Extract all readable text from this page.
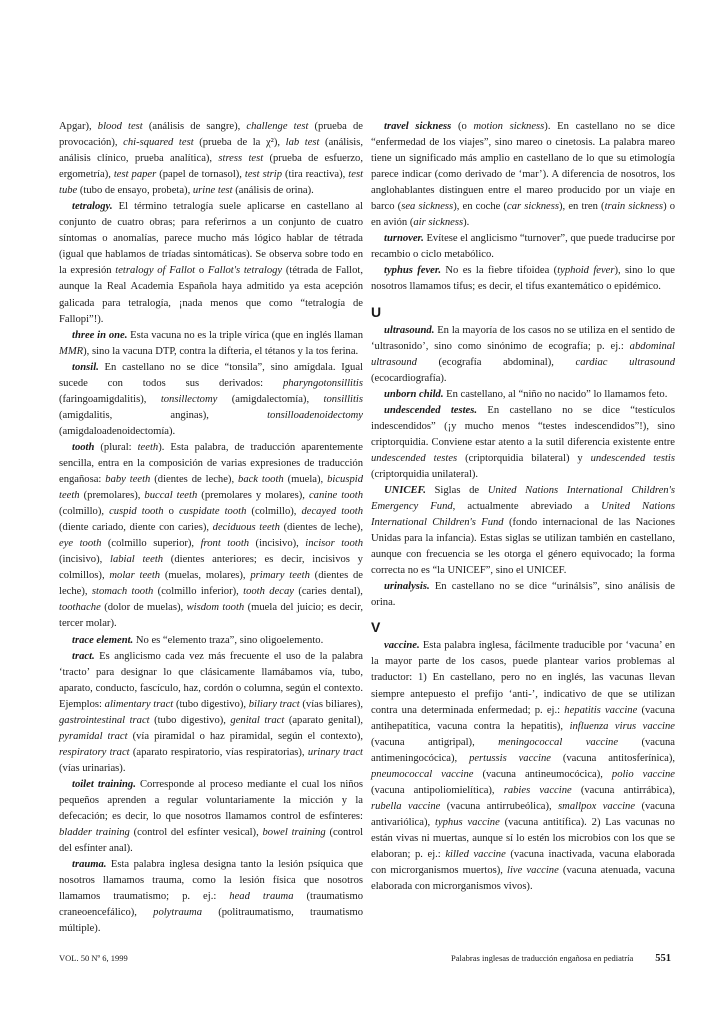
Apgar), blood test (análisis de sangre), challenge test (prueba de provocación), chi-squared test (prueba de la χ²), lab test (análisis, análisis clínico, prueba analítica), stress test (prueba de esfuerzo, ergometría), test paper (papel de tornasol), test strip (tira reactiva), test tube (tubo de ensayo, probeta), urine test (análisis de orina).

tetralogy. El término tetralogía suele aplicarse en castellano al conjunto de cuatro obras; para referirnos a un conjunto de cuatro síntomas o anomalías, parece mucho más lógico hablar de tétrada (igual que hablamos de tríadas sintomáticas). Se observa sobre todo en la expresión tetralogy of Fallot o Fallot's tetralogy (tétrada de Fallot, aunque la Real Academia Española haya admitido ya esta acepción galicada para tetralogía, ¡nada menos que como “tetralogía de Fallopi”!).

three in one. Esta vacuna no es la triple vírica (que en inglés llaman MMR), sino la vacuna DTP, contra la difteria, el tétanos y la tos ferina.

tonsil. En castellano no se dice “tonsila”, sino amígdala. Igual sucede con todos sus derivados: pharyngotonsillitis (faringoamigdalitis), tonsillectomy (amigdalectomía), tonsillitis (amigdalitis, anginas), tonsilloadenoidectomy (amigdaloadenoidectomía).

tooth (plural: teeth). Esta palabra, de traducción aparentemente sencilla, entra en la composición de varias expresiones de traducción engañosa: baby teeth (dientes de leche), back tooth (muela), bicuspid teeth (premolares), buccal teeth (premolares y molares), canine tooth (colmillo), cuspid tooth o cuspidate tooth (colmillo), decayed tooth (diente cariado, diente con caries), deciduous teeth (dientes de leche), eye tooth (colmillo superior), front tooth (incisivo), incisor tooth (incisivo), labial teeth (dientes anteriores; es decir, incisivos y colmillos), molar teeth (muelas, molares), primary teeth (dientes de leche), stomach tooth (colmillo inferior), tooth decay (caries dental), toothache (dolor de muelas), wisdom tooth (muela del juicio; es decir, tercer molar).

trace element. No es “elemento traza”, sino oligoelemento.

tract. Es anglicismo cada vez más frecuente el uso de la palabra ‘tracto’ para designar lo que clásicamente llamábamos vía, tubo, aparato, conducto, fascículo, haz, cordón o columna, según el contexto. Ejemplos: alimentary tract (tubo digestivo), biliary tract (vías biliares), gastrointestinal tract (tubo digestivo), genital tract (aparato genital), pyramidal tract (vía piramidal o haz piramidal, según el contexto), respiratory tract (aparato respiratorio, vías respiratorias), urinary tract (vías urinarias).

toilet training. Corresponde al proceso mediante el cual los niños pequeños aprenden a regular voluntariamente la micción y la defecación; es decir, lo que nosotros llamamos control de esfínteres: bladder training (control del esfínter vesical), bowel training (control del esfínter anal).

trauma. Esta palabra inglesa designa tanto la lesión psíquica que nosotros llamamos trauma, como la lesión física que nosotros llamamos traumatismo; p. ej.: head trauma (traumatismo craneoencefálico), polytrauma (politraumatismo, traumatismo múltiple).

travel sickness (o motion sickness). En castellano no se dice “enfermedad de los viajes”, sino mareo o cinetosis. La palabra mareo tiene un significado más amplio en castellano de lo que su etimología parece indicar (como derivado de ‘mar’). A diferencia de nosotros, los anglohablantes distinguen entre el mareo producido por un viaje en barco (sea sickness), en coche (car sickness), en tren (train sickness) o en avión (air sickness).

turnover. Evítese el anglicismo “turnover”, que puede traducirse por recambio o ciclo metabólico.

typhus fever. No es la fiebre tifoidea (typhoid fever), sino lo que nosotros llamamos tifus; es decir, el tifus exantemático o epidémico.

U

ultrasound. En la mayoría de los casos no se utiliza en el sentido de ‘ultrasonido’, sino como sinónimo de ecografía; p. ej.: abdominal ultrasound (ecografía abdominal), cardiac ultrasound (ecocardiografía).

unborn child. En castellano, al “niño no nacido” lo llamamos feto.

undescended testes. En castellano no se dice “testículos indescendidos” (¡y mucho menos “testes indescendidos”!), sino criptorquidia. Conviene estar atento a la sutil diferencia existente entre undescended testes (criptorquidia bilateral) y undescended testis (criptorquidia unilateral).

UNICEF. Siglas de United Nations International Children's Emergency Fund, actualmente abreviado a United Nations International Children's Fund (fondo internacional de las Naciones Unidas para la infancia). Estas siglas se utilizan también en castellano, aunque con frecuencia se les otorga el género equivocado; la forma correcta no es “la UNICEF”, sino el UNICEF.

urinalysis. En castellano no se dice “urinálsis”, sino análisis de orina.

V

vaccine. Esta palabra inglesa, fácilmente traducible por ‘vacuna’ en la mayor parte de los casos, puede plantear varios problemas al traductor: 1) En castellano, pero no en inglés, las vacunas llevan siempre antepuesto el prefijo ‘anti-’, indicativo de que se utilizan contra una determinada enfermedad; p. ej.: hepatitis vaccine (vacuna antihepatítica, vacuna contra la hepatitis), influenza virus vaccine (vacuna antigripal), meningococcal vaccine (vacuna antimeningocócica), pertussis vaccine (vacuna antitosferínica), pneumococcal vaccine (vacuna antineumocócica), polio vaccine (vacuna antipoliomielítica), rabies vaccine (vacuna antirrábica), rubella vaccine (vacuna antirrubeólica), smallpox vaccine (vacuna antivariólica), typhus vaccine (vacuna antitífica). 2) Las vacunas no están vivas ni muertas, aunque sí lo estén los microbios con los que se elaboran; p. ej.: killed vaccine (vacuna inactivada, vacuna elaborada con microrganismos muertos), live vaccine (vacuna atenuada, vacuna elaborada con microrganismos vivos).

VOL. 50 Nº 6, 1999	Palabras inglesas de traducción engañosa en pediatría 551
